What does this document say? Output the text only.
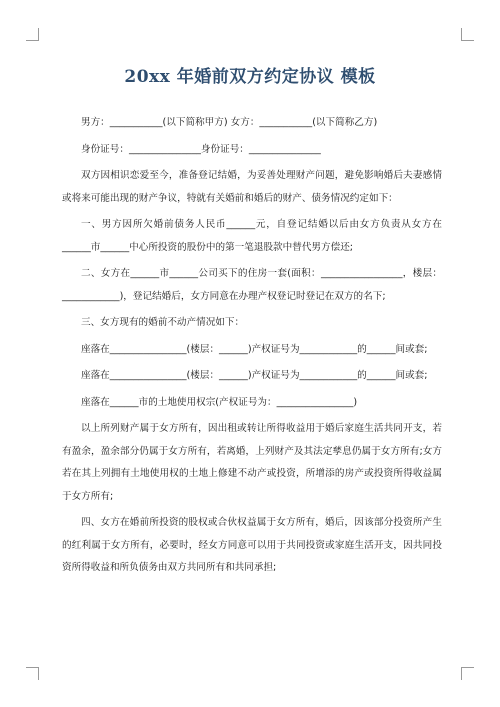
20xx 年婚前双方约定协议 模板

男方：___________(以下简称甲方) 女方：___________(以下简称乙方)

身份证号：_______________身份证号：_______________

双方因相识恋爱至今，准备登记结婚，为妥善处理财产问题，避免影响婚后夫妻感情或将来可能出现的财产争议，特就有关婚前和婚后的财产、债务情况约定如下：

一、男方因所欠婚前债务人民币______元，自登记结婚以后由女方负责从女方在______市______中心所投资的股份中的第一笔退股款中替代男方偿还;

二、女方在______市______公司买下的住房一套(面积：_________________，楼层：____________)，登记结婚后，女方同意在办理产权登记时登记在双方的名下;

三、女方现有的婚前不动产情况如下：

座落在________________(楼层：______)产权证号为____________的______间或套;

座落在________________(楼层：______)产权证号为____________的______间或套;

座落在______市的土地使用权宗(产权证号为：________________)

以上所列财产属于女方所有，因出租或转让所得收益用于婚后家庭生活共同开支，若有盈余，盈余部分仍属于女方所有，若离婚，上列财产及其法定孳息仍属于女方所有;女方若在其上列拥有土地使用权的土地上修建不动产或投资，所增添的房产或投资所得收益属于女方所有;

四、女方在婚前所投资的股权或合伙权益属于女方所有，婚后，因该部分投资所产生的红利属于女方所有，必要时，经女方同意可以用于共同投资或家庭生活开支，因共同投资所得收益和所负债务由双方共同所有和共同承担;
